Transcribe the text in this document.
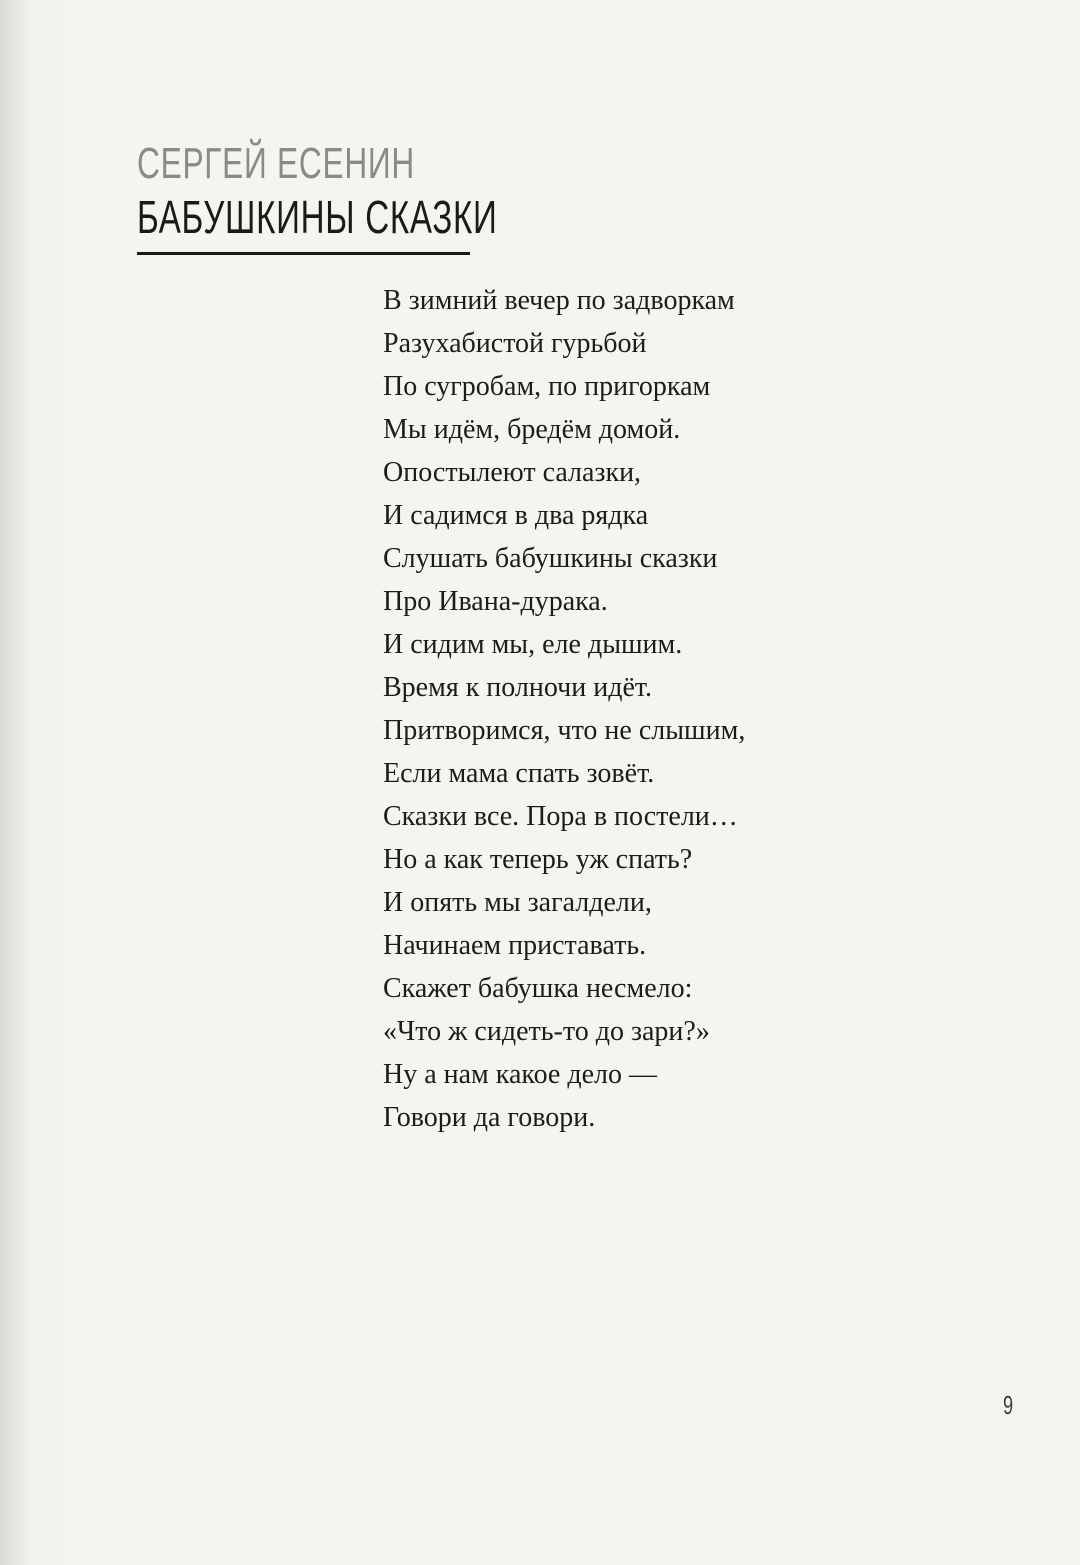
СЕРГЕЙ ЕСЕНИН
БАБУШКИНЫ СКАЗКИ
В зимний вечер по задворкам
Разухабистой гурьбой
По сугробам, по пригоркам
Мы идём, бредём домой.
Опостылеют салазки,
И садимся в два рядка
Слушать бабушкины сказки
Про Ивана-дурака.
И сидим мы, еле дышим.
Время к полночи идёт.
Притворимся, что не слышим,
Если мама спать зовёт.
Сказки все. Пора в постели…
Но а как теперь уж спать?
И опять мы загалдели,
Начинаем приставать.
Скажет бабушка несмело:
«Что ж сидеть-то до зари?»
Ну а нам какое дело —
Говори да говори.
9
